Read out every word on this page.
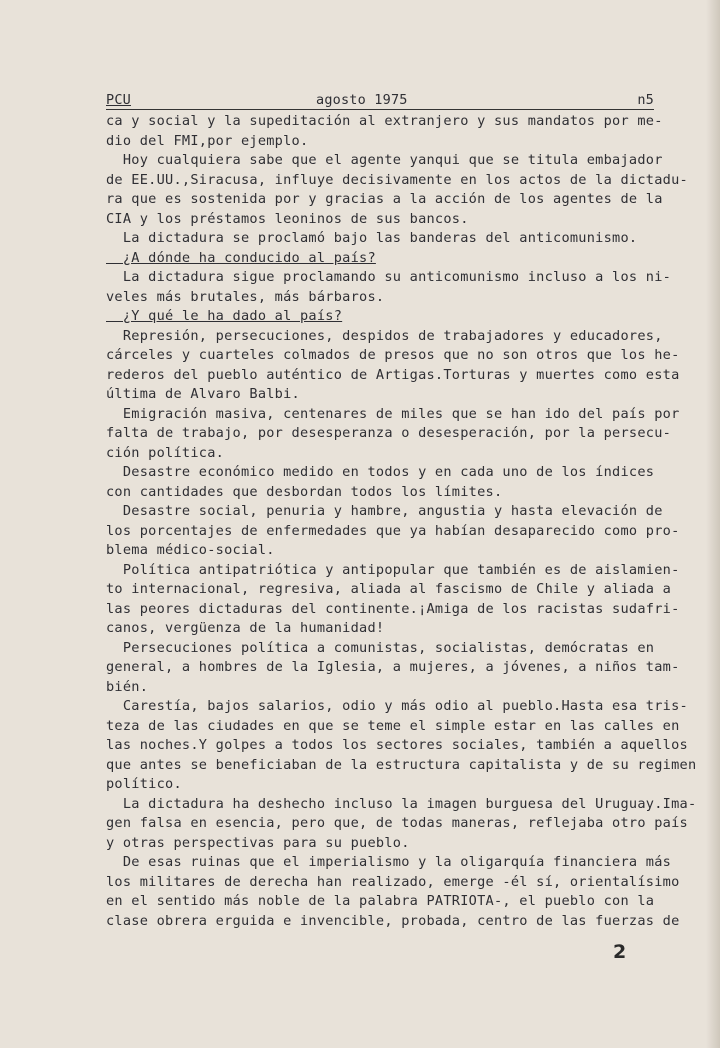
PCU	agosto 1975	n5
ca y social y la supeditación al extranjero y sus mandatos por me-
dio del FMI,por ejemplo.
Hoy cualquiera sabe que el agente yanqui que se titula embajador
de EE.UU.,Siracusa, influye decisivamente en los actos de la dictadu-
ra que es sostenida por y gracias a la acción de los agentes de la
CIA y los préstamos leoninos de sus bancos.
La dictadura se proclamó bajo las banderas del anticomunismo.
¿A dónde ha conducido al país?
La dictadura sigue proclamando su anticomunismo incluso a los ni-
veles más brutales, más bárbaros.
¿Y qué le ha dado al país?
Represión, persecuciones, despidos de trabajadores y educadores,
cárceles y cuarteles colmados de presos que no son otros que los he-
rederos del pueblo auténtico de Artigas.Torturas y muertes como esta
última de Alvaro Balbi.
Emigración masiva, centenares de miles que se han ido del país por
falta de trabajo, por desesperanza o desesperación, por la persecu-
ción política.
Desastre económico medido en todos y en cada uno de los índices
con cantidades que desbordan todos los límites.
Desastre social, penuria y hambre, angustia y hasta elevación de
los porcentajes de enfermedades que ya habían desaparecido como pro-
blema médico-social.
Política antipatriótica y antipopular que también es de aislamien-
to internacional, regresiva, aliada al fascismo de Chile y aliada a
las peores dictaduras del continente.¡Amiga de los racistas sudafri-
canos, vergüenza de la humanidad!
Persecuciones política a comunistas, socialistas, demócratas en
general, a hombres de la Iglesia, a mujeres, a jóvenes, a niños tam-
bién.
Carestía, bajos salarios, odio y más odio al pueblo.Hasta esa tris-
teza de las ciudades en que se teme el simple estar en las calles en
las noches.Y golpes a todos los sectores sociales, también a aquellos
que antes se beneficiaban de la estructura capitalista y de su regimen
político.
La dictadura ha deshecho incluso la imagen burguesa del Uruguay.Ima-
gen falsa en esencia, pero que, de todas maneras, reflejaba otro país
y otras perspectivas para su pueblo.
De esas ruinas que el imperialismo y la oligarquía financiera más
los militares de derecha han realizado, emerge -él sí, orientalísimo
en el sentido más noble de la palabra PATRIOTA-, el pueblo con la
clase obrera erguida e invencible, probada, centro de las fuerzas de
2
